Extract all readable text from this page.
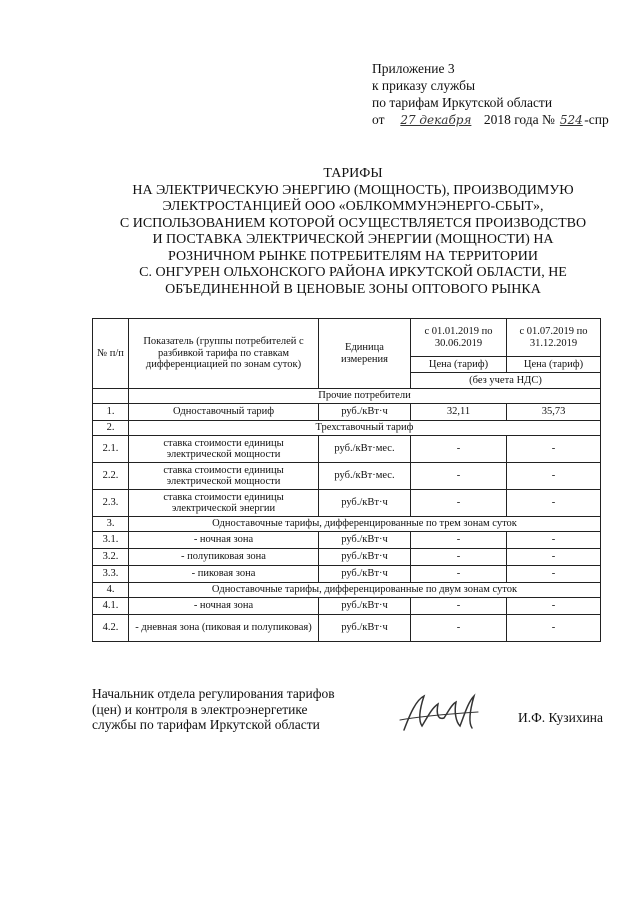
Приложение 3
к приказу службы
по тарифам Иркутской области
от 27 декабря 2018 года № 524 -спр
ТАРИФЫ
НА ЭЛЕКТРИЧЕСКУЮ ЭНЕРГИЮ (МОЩНОСТЬ), ПРОИЗВОДИМУЮ
ЭЛЕКТРОСТАНЦИЕЙ ООО «ОБЛКОММУНЭНЕРГО-СБЫТ»,
С ИСПОЛЬЗОВАНИЕМ КОТОРОЙ ОСУЩЕСТВЛЯЕТСЯ ПРОИЗВОДСТВО
И ПОСТАВКА ЭЛЕКТРИЧЕСКОЙ ЭНЕРГИИ (МОЩНОСТИ) НА
РОЗНИЧНОМ РЫНКЕ ПОТРЕБИТЕЛЯМ НА ТЕРРИТОРИИ
С. ОНГУРЕН ОЛЬХОНСКОГО РАЙОНА ИРКУТСКОЙ ОБЛАСТИ, НЕ
ОБЪЕДИНЕННОЙ В ЦЕНОВЫЕ ЗОНЫ ОПТОВОГО РЫНКА
№ п/п	Показатель (группы потребителей с разбивкой тарифа по ставкам дифференциацией по зонам суток)	Единица измерения	с 01.01.2019 по 30.06.2019	с 01.07.2019 по 31.12.2019
			Цена (тариф)	Цена (тариф)
			(без учета НДС)	
	Прочие потребители			
1.	Одноставочный тариф	руб./кВт·ч	32,11	35,73
2.	Трехставочный тариф			
2.1.	ставка стоимости единицы электрической мощности	руб./кВт·мес.	-	-
2.2.	ставка стоимости единицы электрической мощности	руб./кВт·мес.	-	-
2.3.	ставка стоимости единицы электрической энергии	руб./кВт·ч	-	-
3.	Одноставочные тарифы, дифференцированные по трем зонам суток			
3.1.	- ночная зона	руб./кВт·ч	-	-
3.2.	- полупиковая зона	руб./кВт·ч	-	-
3.3.	- пиковая зона	руб./кВт·ч	-	-
4.	Одноставочные тарифы, дифференцированные по двум зонам суток			
4.1.	- ночная зона	руб./кВт·ч	-	-
4.2.	- дневная зона (пиковая и полупиковая)	руб./кВт·ч	-	-
Начальник отдела регулирования тарифов
(цен) и контроля в электроэнергетике
службы по тарифам Иркутской области	И.Ф. Кузихина
